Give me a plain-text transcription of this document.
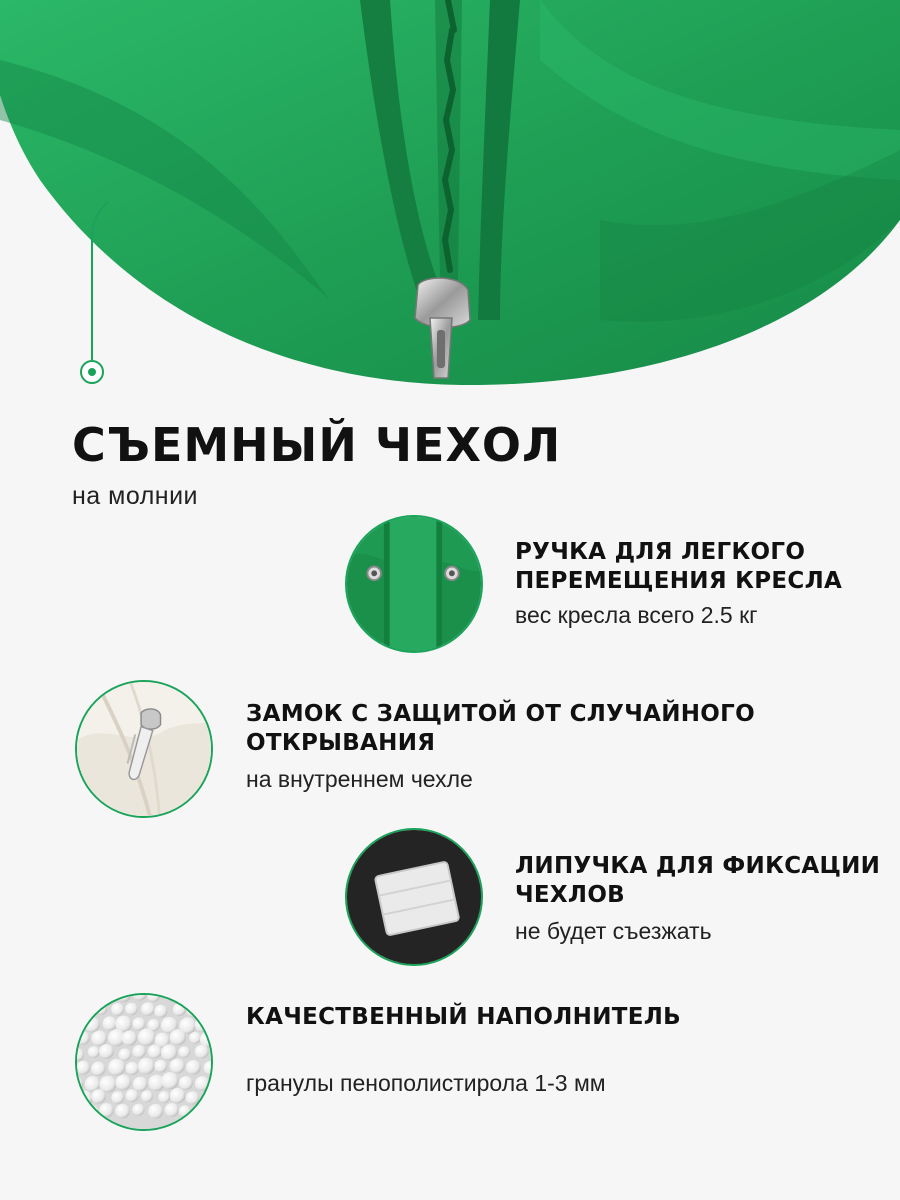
СЪЕМНЫЙ ЧЕХОЛ

на молнии

РУЧКА ДЛЯ ЛЕГКОГО ПЕРЕМЕЩЕНИЯ КРЕСЛА

вес кресла всего 2.5 кг

ЗАМОК С ЗАЩИТОЙ ОТ СЛУЧАЙНОГО ОТКРЫВАНИЯ

на внутреннем чехле

ЛИПУЧКА ДЛЯ ФИКСАЦИИ ЧЕХЛОВ

не будет съезжать

КАЧЕСТВЕННЫЙ НАПОЛНИТЕЛЬ

гранулы пенополистирола 1-3 мм
